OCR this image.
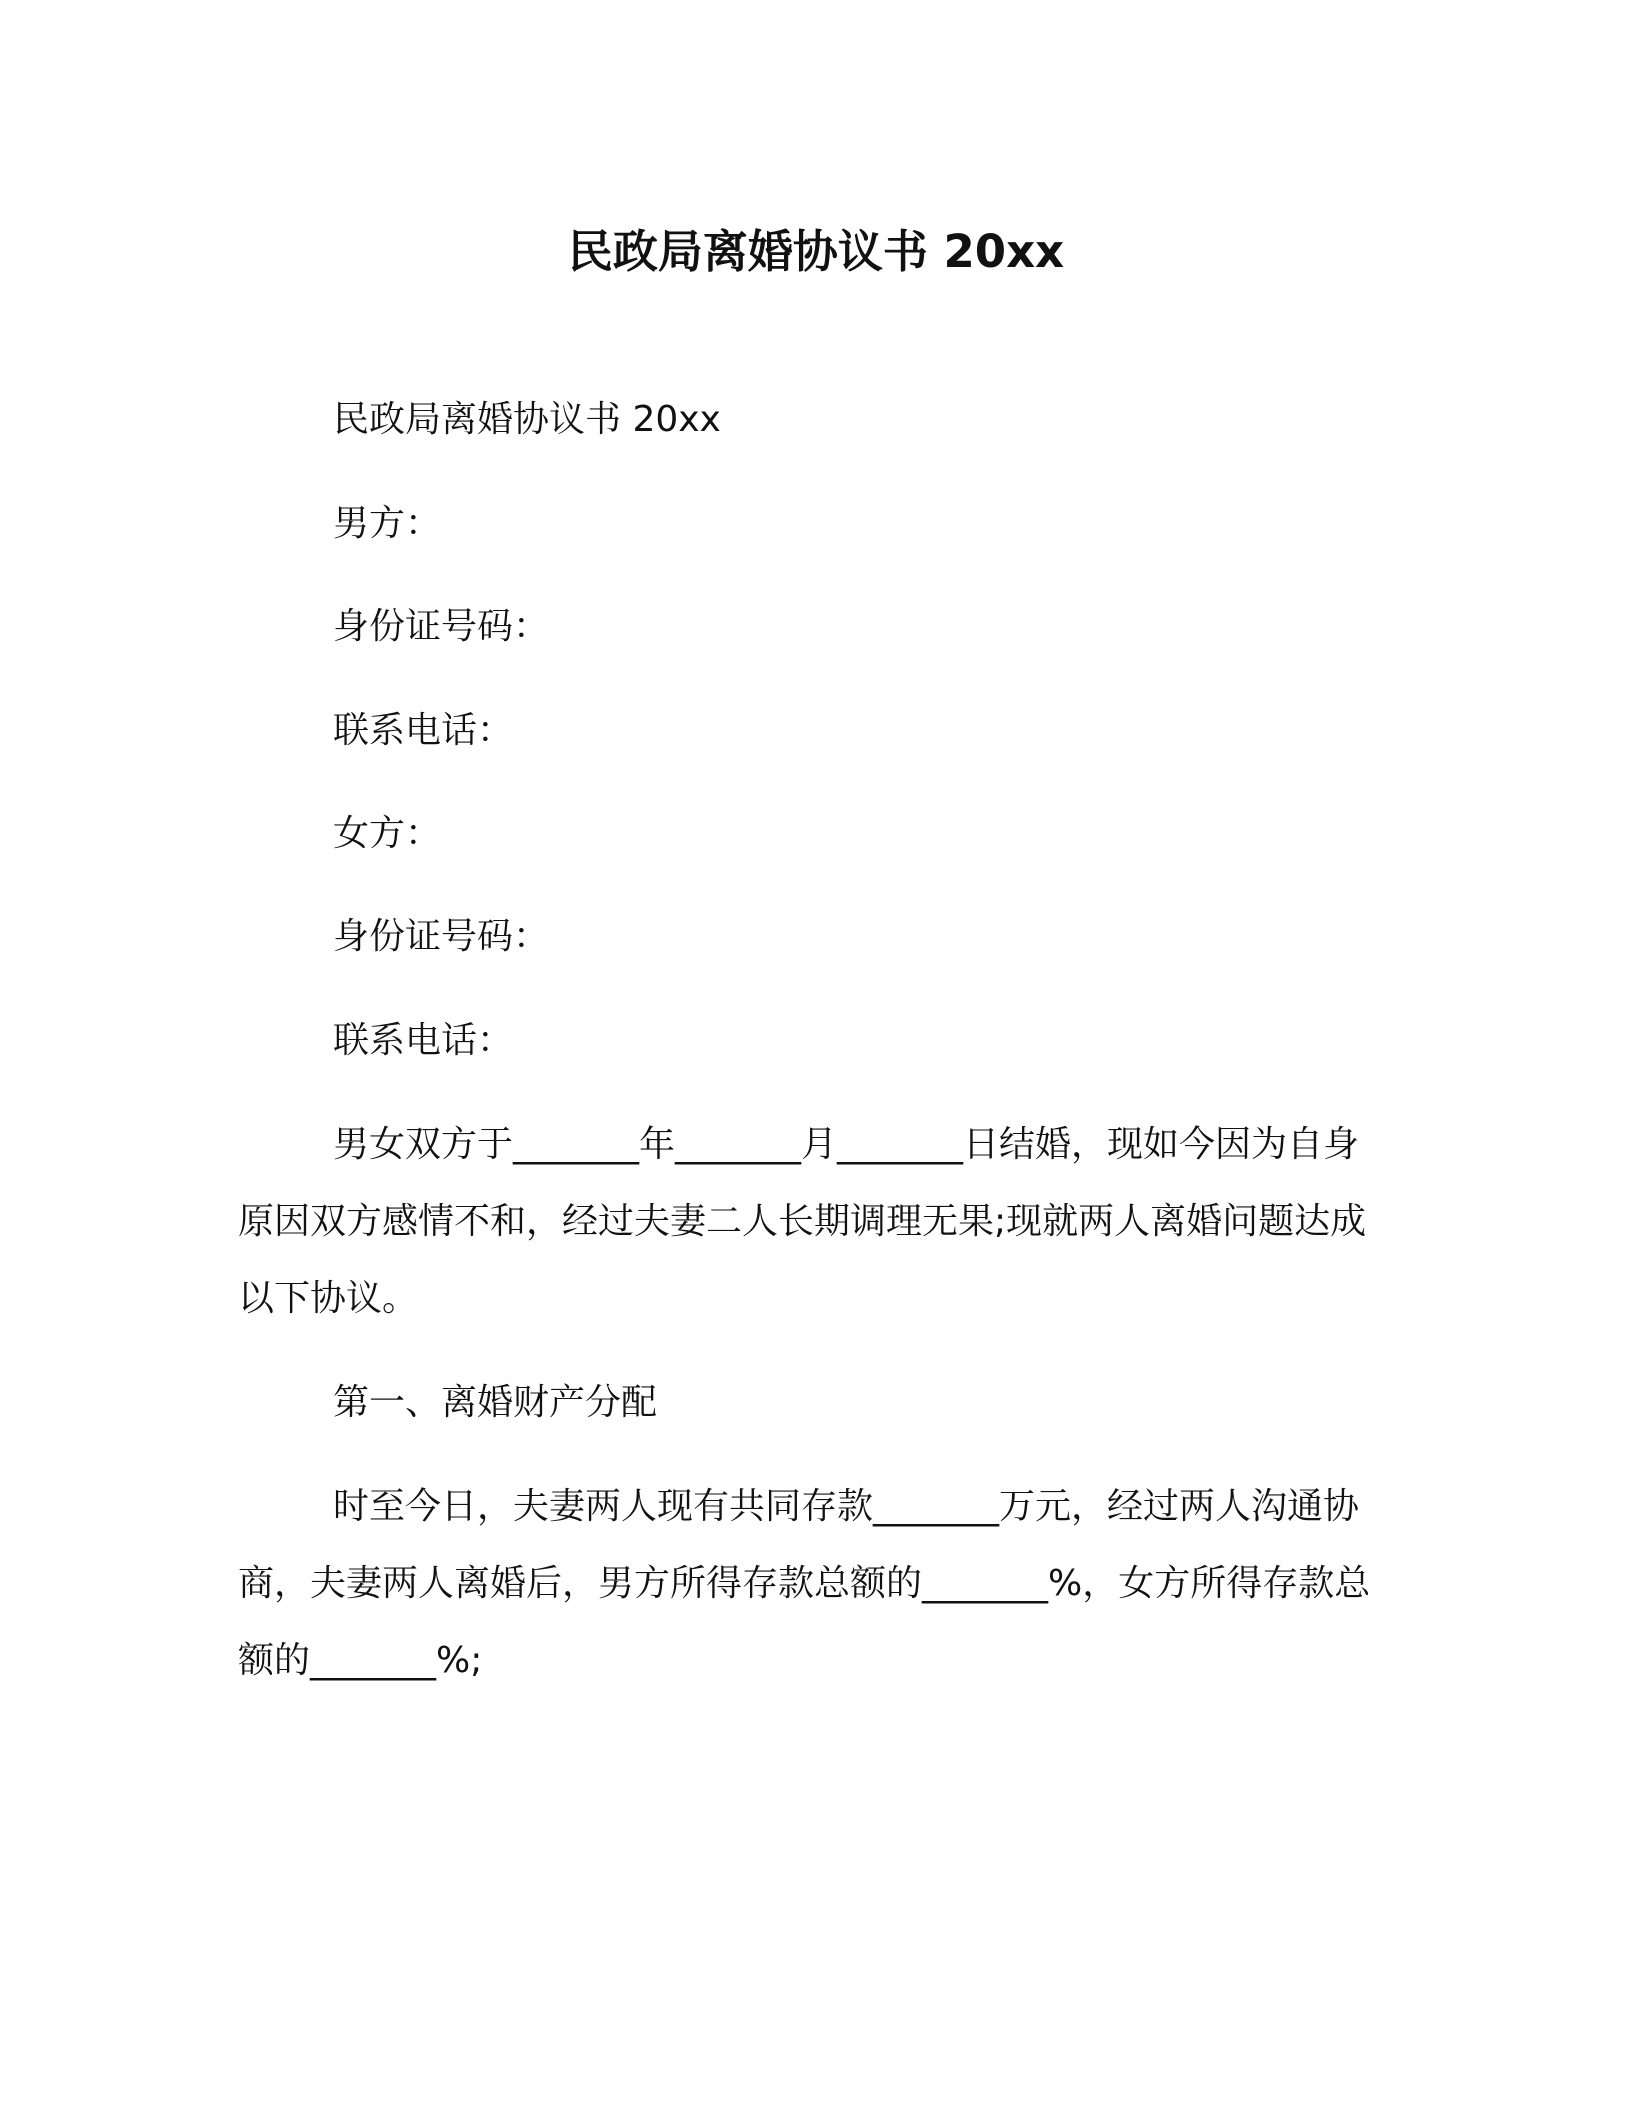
民政局离婚协议书 20xx
民政局离婚协议书 20xx
男方：
身份证号码：
联系电话：
女方：
身份证号码：
联系电话：

男女双方于_______年_______月_______日结婚，现如今因为自身原因双方感情不和，经过夫妻二人长期调理无果;现就两人离婚问题达成以下协议。

第一、离婚财产分配

时至今日，夫妻两人现有共同存款_______万元，经过两人沟通协商，夫妻两人离婚后，男方所得存款总额的_______%，女方所得存款总额的_______%;
